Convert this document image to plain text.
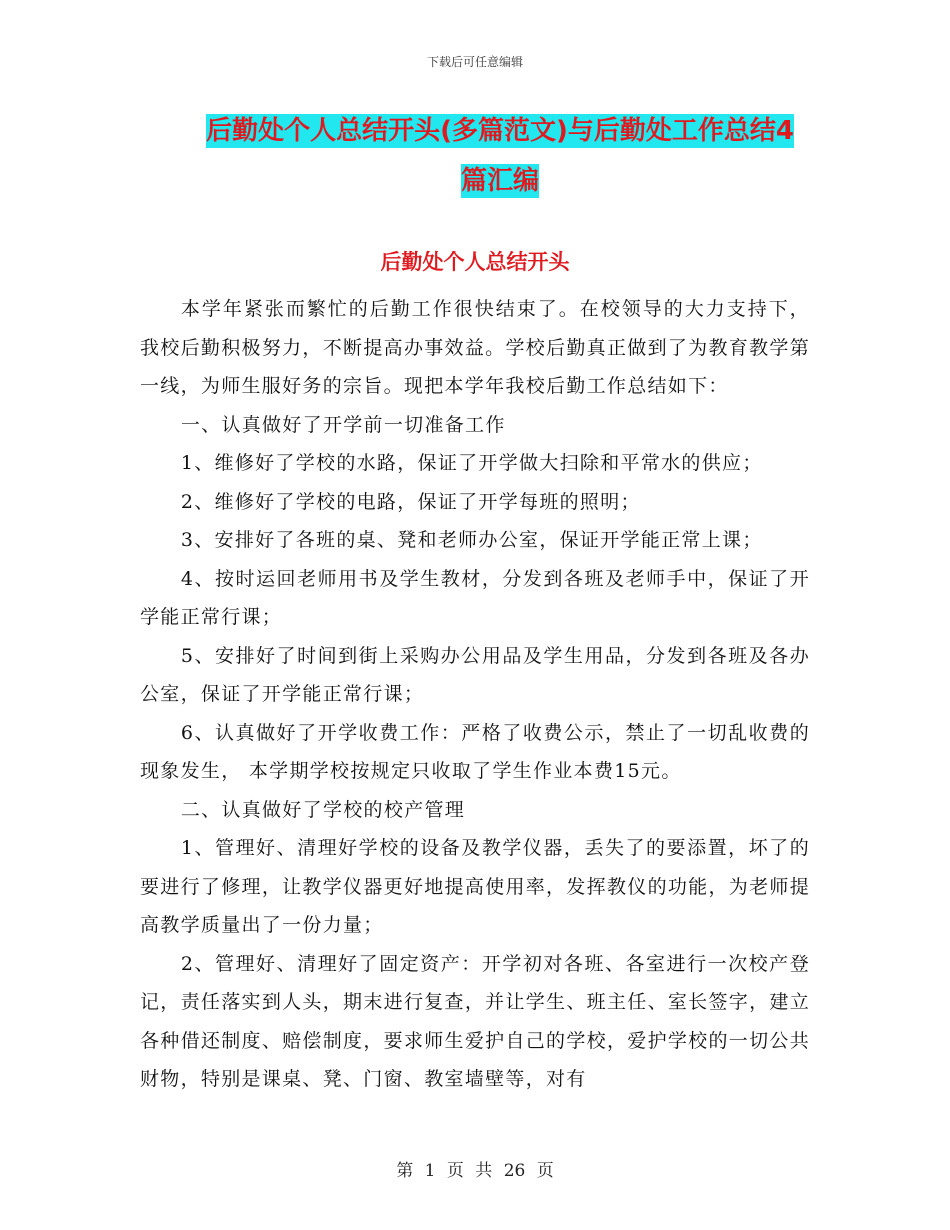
下载后可任意编辑
后勤处个人总结开头(多篇范文)与后勤处工作总结4
篇汇编
后勤处个人总结开头

本学年紧张而繁忙的后勤工作很快结束了。在校领导的大力支持下，我校后勤积极努力，不断提高办事效益。学校后勤真正做到了为教育教学第一线，为师生服好务的宗旨。现把本学年我校后勤工作总结如下：

一、认真做好了开学前一切准备工作

1、维修好了学校的水路，保证了开学做大扫除和平常水的供应；

2、维修好了学校的电路，保证了开学每班的照明；

3、安排好了各班的桌、凳和老师办公室，保证开学能正常上课；

4、按时运回老师用书及学生教材，分发到各班及老师手中，保证了开学能正常行课；

5、安排好了时间到街上采购办公用品及学生用品，分发到各班及各办公室，保证了开学能正常行课；

6、认真做好了开学收费工作：严格了收费公示，禁止了一切乱收费的现象发生， 本学期学校按规定只收取了学生作业本费15元。

二、认真做好了学校的校产管理

1、管理好、清理好学校的设备及教学仪器，丢失了的要添置，坏了的要进行了修理，让教学仪器更好地提高使用率，发挥教仪的功能，为老师提高教学质量出了一份力量；

2、管理好、清理好了固定资产：开学初对各班、各室进行一次校产登记，责任落实到人头，期末进行复查，并让学生、班主任、室长签字，建立各种借还制度、赔偿制度，要求师生爱护自己的学校，爱护学校的一切公共财物，特别是课桌、凳、门窗、教室墙壁等，对有

第 1 页 共 26 页
